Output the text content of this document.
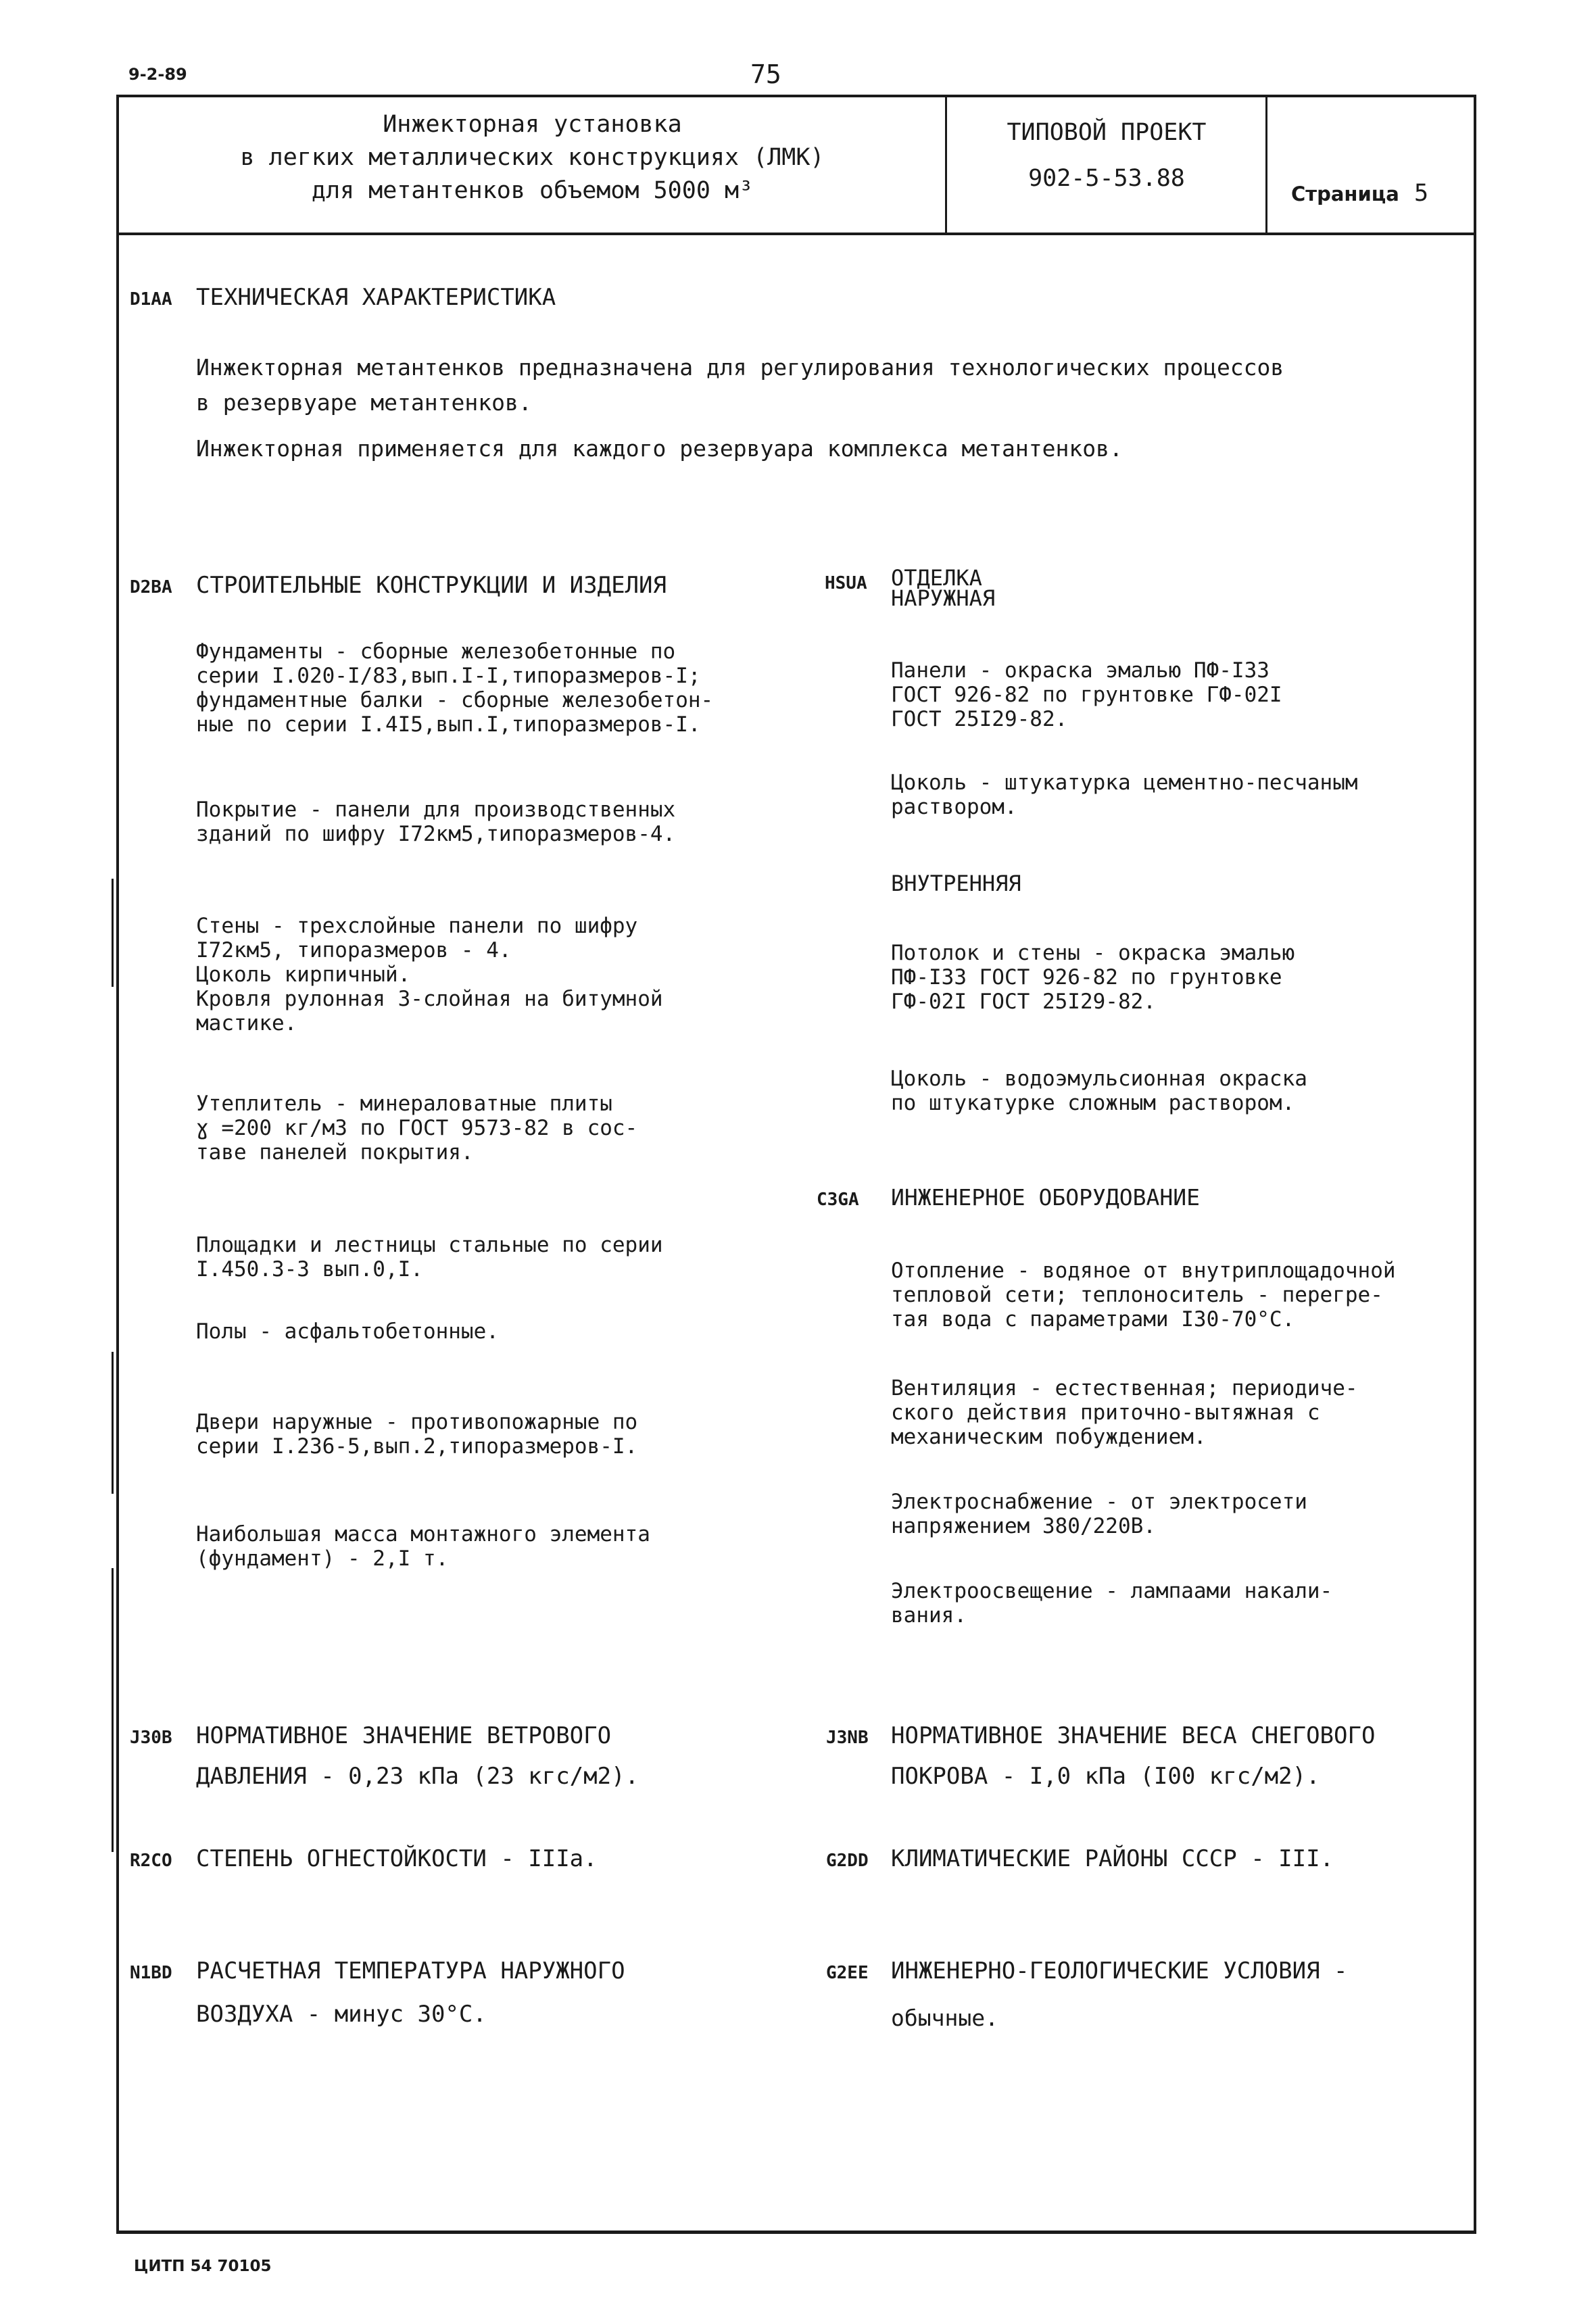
9-2-89	75
Инжекторная установка
в легких металлических конструкциях (ЛМК)
для метантенков объемом 5000 м³
ТИПОВОЙ ПРОЕКТ
902-5-53.88
Страница 5
D1AA ТЕХНИЧЕСКАЯ ХАРАКТЕРИСТИКА
Инжекторная метантенков предназначена для регулирования технологических процессов
в резервуаре метантенков.
Инжекторная применяется для каждого резервуара комплекса метантенков.
D2BA СТРОИТЕЛЬНЫЕ КОНСТРУКЦИИ И ИЗДЕЛИЯ
Фундаменты - сборные железобетонные по
серии I.020-I/83,вып.I-I,типоразмеров-I;
фундаментные балки - сборные железобетон-
ные по серии I.4I5,вып.I,типоразмеров-I.
Покрытие - панели для производственных
зданий по шифру I72км5,типоразмеров-4.
Стены - трехслойные панели по шифру
I72км5, типоразмеров - 4.
Цоколь кирпичный.
Кровля рулонная 3-слойная на битумной
мастике.
Утеплитель - минераловатные плиты
ɣ =200 кг/м3 по ГОСТ 9573-82 в сос-
таве панелей покрытия.
Площадки и лестницы стальные по серии
I.450.3-3 вып.0,I.
Полы - асфальтобетонные.
Двери наружные - противопожарные по
серии I.236-5,вып.2,типоразмеров-I.
Наибольшая масса монтажного элемента
(фундамент) - 2,I т.
HSUA ОТДЕЛКА
НАРУЖНАЯ
Панели - окраска эмалью ПФ-I33
ГОСТ 926-82 по грунтовке ГФ-02I
ГОСТ 25I29-82.
Цоколь - штукатурка цементно-песчаным
раствором.
ВНУТРЕННЯЯ
Потолок и стены - окраска эмалью
ПФ-I33 ГОСТ 926-82 по грунтовке
ГФ-02I ГОСТ 25I29-82.
Цоколь - водоэмульсионная окраска
по штукатурке сложным раствором.
C3GA ИНЖЕНЕРНОЕ ОБОРУДОВАНИЕ
Отопление - водяное от внутриплощадочной
тепловой сети; теплоноситель - перегре-
тая вода с параметрами I30-70°С.
Вентиляция - естественная; периодиче-
ского действия приточно-вытяжная с
механическим побуждением.
Электроснабжение - от электросети
напряжением 380/220В.
Электроосвещение - лампаами накали-
вания.
J30B НОРМАТИВНОЕ ЗНАЧЕНИЕ ВЕТРОВОГО
ДАВЛЕНИЯ - 0,23 кПа (23 кгс/м2).
J3NB НОРМАТИВНОЕ ЗНАЧЕНИЕ ВЕСА СНЕГОВОГО
ПОКРОВА - I,0 кПа (I00 кгс/м2).
R2CO СТЕПЕНЬ ОГНЕСТОЙКОСТИ - IIIа.	G2DD КЛИМАТИЧЕСКИЕ РАЙОНЫ СССР - III.
N1BD РАСЧЕТНАЯ ТЕМПЕРАТУРА НАРУЖНОГО
ВОЗДУХА - минус 30°С.
G2EE ИНЖЕНЕРНО-ГЕОЛОГИЧЕСКИЕ УСЛОВИЯ -
обычные.
ЦИТП 54 70105
